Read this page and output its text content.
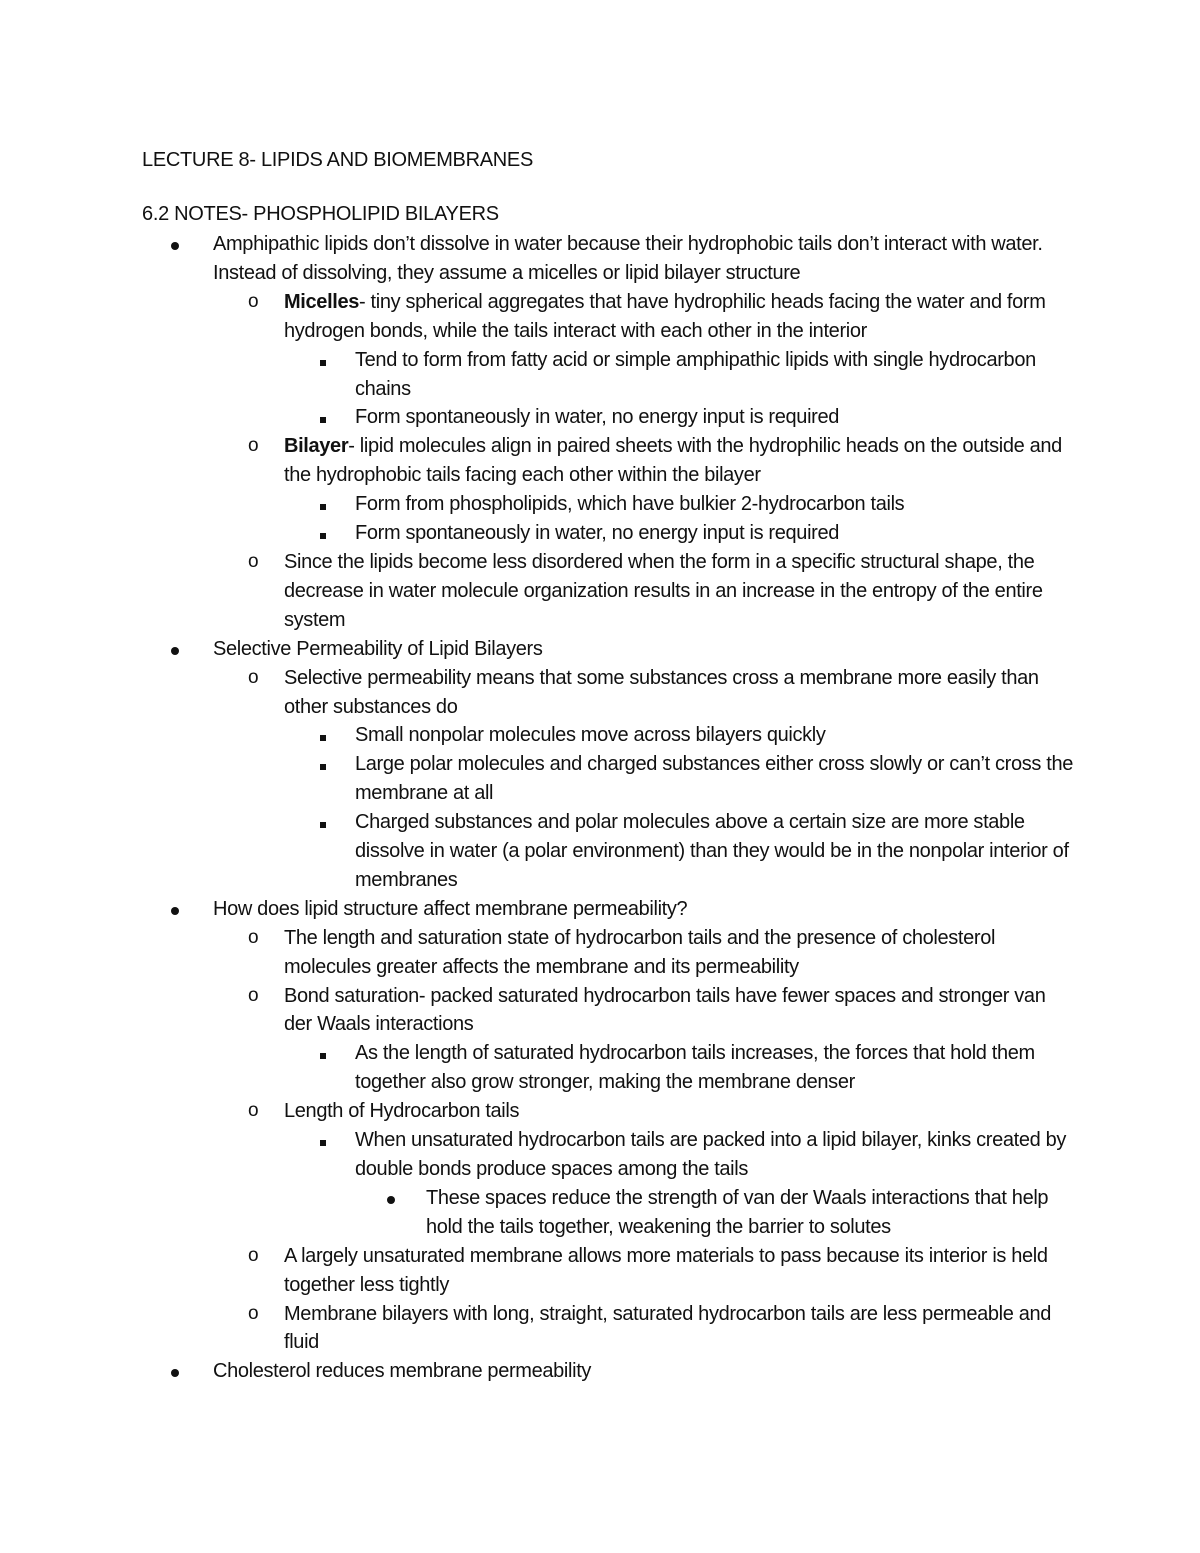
LECTURE 8- LIPIDS AND BIOMEMBRANES
6.2 NOTES- PHOSPHOLIPID BILAYERS
Amphipathic lipids don’t dissolve in water because their hydrophobic tails don’t interact with water. Instead of dissolving, they assume a micelles or lipid bilayer structure
o Micelles- tiny spherical aggregates that have hydrophilic heads facing the water and form hydrogen bonds, while the tails interact with each other in the interior
Tend to form from fatty acid or simple amphipathic lipids with single hydrocarbon chains
Form spontaneously in water, no energy input is required
o Bilayer- lipid molecules align in paired sheets with the hydrophilic heads on the outside and the hydrophobic tails facing each other within the bilayer
Form from phospholipids, which have bulkier 2-hydrocarbon tails
Form spontaneously in water, no energy input is required
o Since the lipids become less disordered when the form in a specific structural shape, the decrease in water molecule organization results in an increase in the entropy of the entire system
Selective Permeability of Lipid Bilayers
o Selective permeability means that some substances cross a membrane more easily than other substances do
Small nonpolar molecules move across bilayers quickly
Large polar molecules and charged substances either cross slowly or can’t cross the membrane at all
Charged substances and polar molecules above a certain size are more stable dissolve in water (a polar environment) than they would be in the nonpolar interior of membranes
How does lipid structure affect membrane permeability?
o The length and saturation state of hydrocarbon tails and the presence of cholesterol molecules greater affects the membrane and its permeability
o Bond saturation- packed saturated hydrocarbon tails have fewer spaces and stronger van der Waals interactions
As the length of saturated hydrocarbon tails increases, the forces that hold them together also grow stronger, making the membrane denser
o Length of Hydrocarbon tails
When unsaturated hydrocarbon tails are packed into a lipid bilayer, kinks created by double bonds produce spaces among the tails
These spaces reduce the strength of van der Waals interactions that help hold the tails together, weakening the barrier to solutes
o A largely unsaturated membrane allows more materials to pass because its interior is held together less tightly
o Membrane bilayers with long, straight, saturated hydrocarbon tails are less permeable and fluid
Cholesterol reduces membrane permeability
